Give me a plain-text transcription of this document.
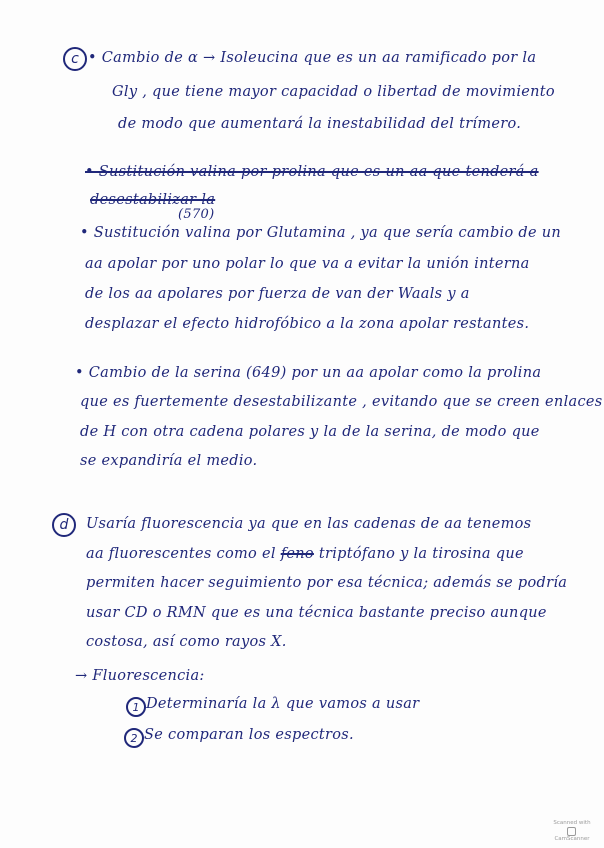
c • Cambio de α → Isoleucina que es un aa ramificado por la
Gly , que tiene mayor capacidad o libertad de movimiento
de modo que aumentará la inestabilidad del trímero.
• Sustitución valina por prolina que es un aa que tenderá a
desestabilizar la
(570)
• Sustitución valina por Glutamina , ya que sería cambio de un
aa apolar por uno polar lo que va a evitar la unión interna
de los aa apolares por fuerza de van der Waals y a
desplazar el efecto hidrofóbico a la zona apolar restantes.
• Cambio de la serina (649) por un aa apolar como la prolina
que es fuertemente desestabilizante , evitando que se creen enlaces
de H con otra cadena polares y la de la serina, de modo que
se expandiría el medio.
d Usaría fluorescencia ya que en las cadenas de aa tenemos
aa fluorescentes como el feno triptófano y la tirosina que
permiten hacer seguimiento por esa técnica; además se podría
usar CD o RMN que es una técnica bastante preciso aunque
costosa, así como rayos X.
→ Fluorescencia:
1 Determinaría la λ que vamos a usar
2 Se comparan los espectros.
Scanned with
CamScanner
